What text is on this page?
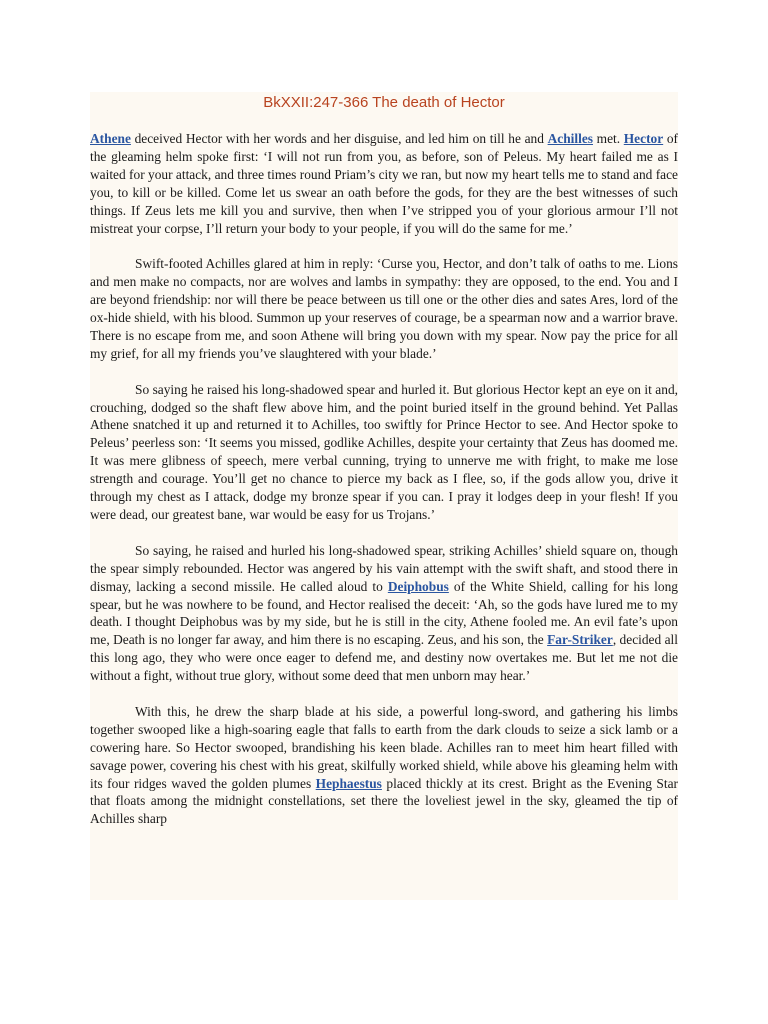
BkXXII:247-366 The death of Hector

Athene deceived Hector with her words and her disguise, and led him on till he and Achilles met. Hector of the gleaming helm spoke first: ‘I will not run from you, as before, son of Peleus. My heart failed me as I waited for your attack, and three times round Priam’s city we ran, but now my heart tells me to stand and face you, to kill or be killed. Come let us swear an oath before the gods, for they are the best witnesses of such things. If Zeus lets me kill you and survive, then when I’ve stripped you of your glorious armour I’ll not mistreat your corpse, I’ll return your body to your people, if you will do the same for me.’

Swift-footed Achilles glared at him in reply: ‘Curse you, Hector, and don’t talk of oaths to me. Lions and men make no compacts, nor are wolves and lambs in sympathy: they are opposed, to the end. You and I are beyond friendship: nor will there be peace between us till one or the other dies and sates Ares, lord of the ox-hide shield, with his blood. Summon up your reserves of courage, be a spearman now and a warrior brave. There is no escape from me, and soon Athene will bring you down with my spear. Now pay the price for all my grief, for all my friends you’ve slaughtered with your blade.’

So saying he raised his long-shadowed spear and hurled it. But glorious Hector kept an eye on it and, crouching, dodged so the shaft flew above him, and the point buried itself in the ground behind. Yet Pallas Athene snatched it up and returned it to Achilles, too swiftly for Prince Hector to see. And Hector spoke to Peleus’ peerless son: ‘It seems you missed, godlike Achilles, despite your certainty that Zeus has doomed me. It was mere glibness of speech, mere verbal cunning, trying to unnerve me with fright, to make me lose strength and courage. You’ll get no chance to pierce my back as I flee, so, if the gods allow you, drive it through my chest as I attack, dodge my bronze spear if you can. I pray it lodges deep in your flesh! If you were dead, our greatest bane, war would be easy for us Trojans.’

So saying, he raised and hurled his long-shadowed spear, striking Achilles’ shield square on, though the spear simply rebounded. Hector was angered by his vain attempt with the swift shaft, and stood there in dismay, lacking a second missile. He called aloud to Deiphobus of the White Shield, calling for his long spear, but he was nowhere to be found, and Hector realised the deceit: ‘Ah, so the gods have lured me to my death. I thought Deiphobus was by my side, but he is still in the city, Athene fooled me. An evil fate’s upon me, Death is no longer far away, and him there is no escaping. Zeus, and his son, the Far-Striker, decided all this long ago, they who were once eager to defend me, and destiny now overtakes me. But let me not die without a fight, without true glory, without some deed that men unborn may hear.’

With this, he drew the sharp blade at his side, a powerful long-sword, and gathering his limbs together swooped like a high-soaring eagle that falls to earth from the dark clouds to seize a sick lamb or a cowering hare. So Hector swooped, brandishing his keen blade. Achilles ran to meet him heart filled with savage power, covering his chest with his great, skilfully worked shield, while above his gleaming helm with its four ridges waved the golden plumes Hephaestus placed thickly at its crest. Bright as the Evening Star that floats among the midnight constellations, set there the loveliest jewel in the sky, gleamed the tip of Achilles sharp
